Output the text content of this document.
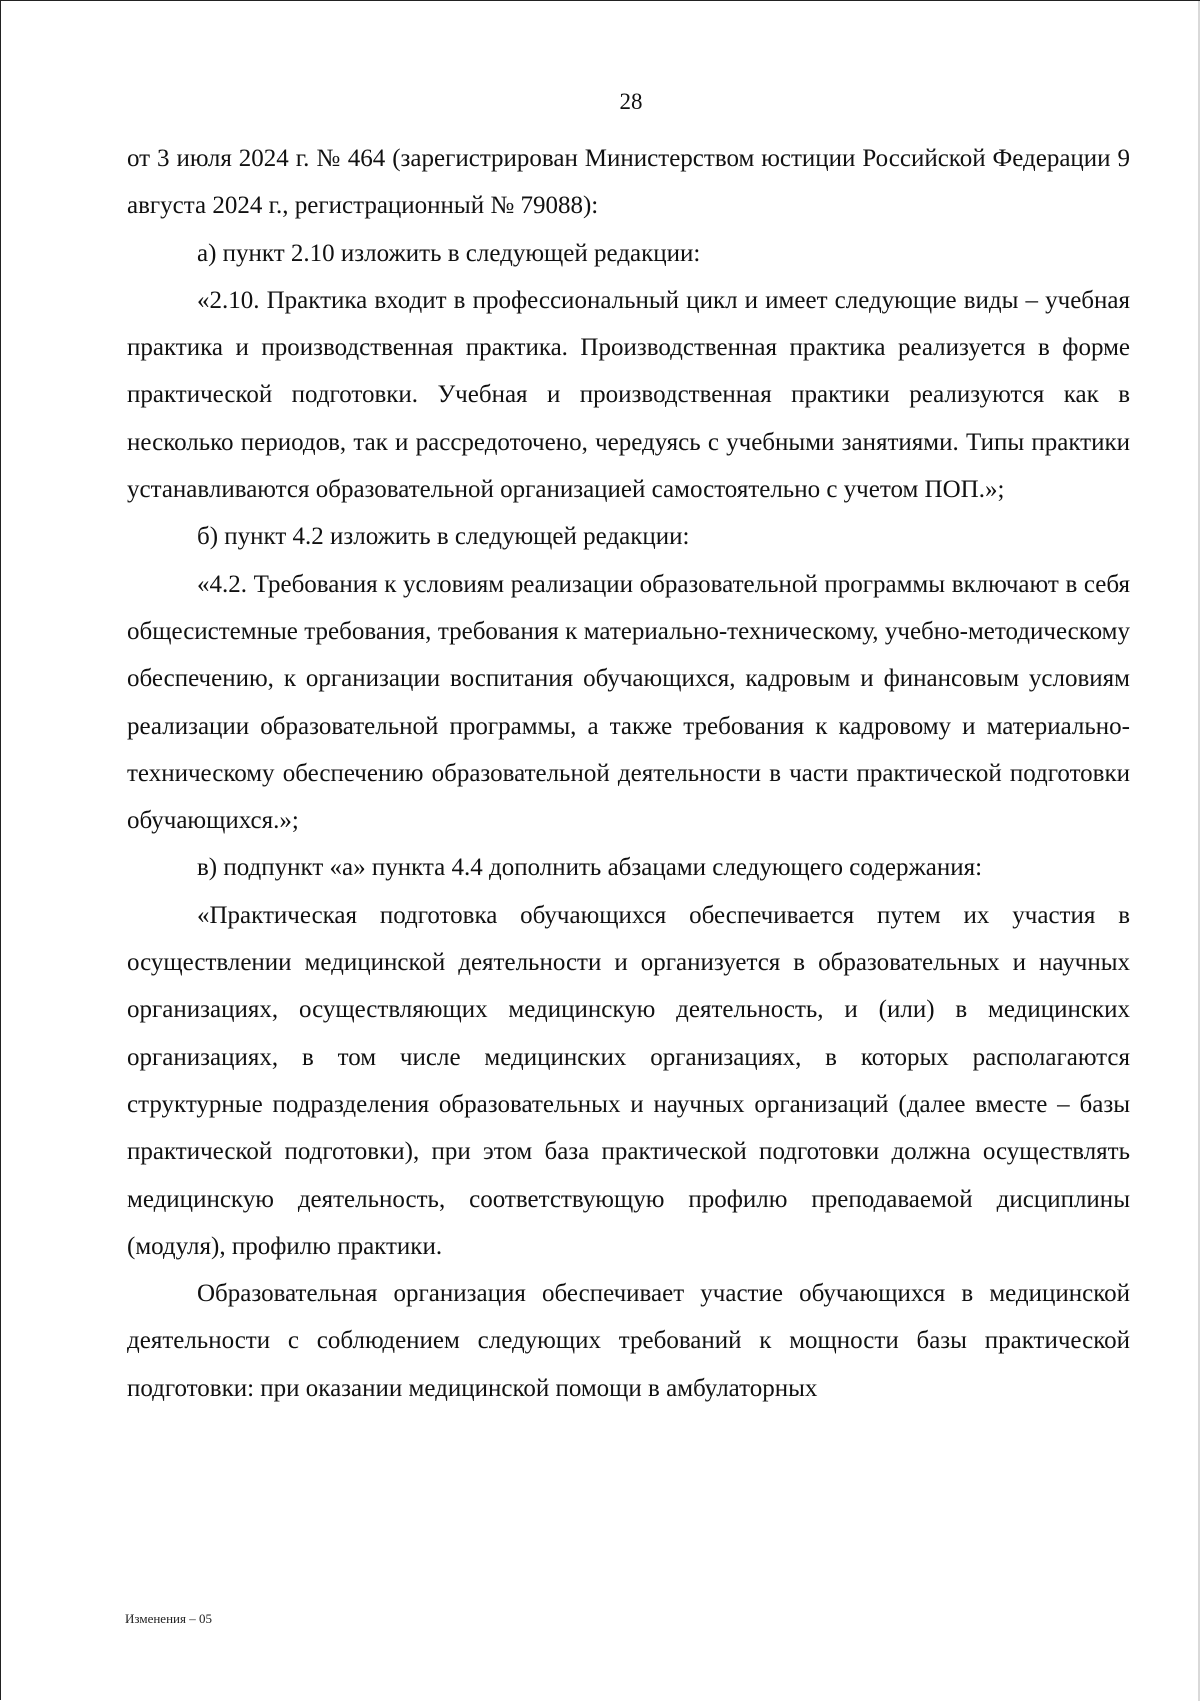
28

от 3 июля 2024 г. № 464 (зарегистрирован Министерством юстиции Российской Федерации 9 августа 2024 г., регистрационный № 79088):

а) пункт 2.10 изложить в следующей редакции:

«2.10. Практика входит в профессиональный цикл и имеет следующие виды – учебная практика и производственная практика. Производственная практика реализуется в форме практической подготовки. Учебная и производственная практики реализуются как в несколько периодов, так и рассредоточено, чередуясь с учебными занятиями. Типы практики устанавливаются образовательной организацией самостоятельно с учетом ПОП.»;

б) пункт 4.2 изложить в следующей редакции:

«4.2. Требования к условиям реализации образовательной программы включают в себя общесистемные требования, требования к материально-техническому, учебно-методическому обеспечению, к организации воспитания обучающихся, кадровым и финансовым условиям реализации образовательной программы, а также требования к кадровому и материально-техническому обеспечению образовательной деятельности в части практической подготовки обучающихся.»;

в) подпункт «а» пункта 4.4 дополнить абзацами следующего содержания:

«Практическая подготовка обучающихся обеспечивается путем их участия в осуществлении медицинской деятельности и организуется в образовательных и научных организациях, осуществляющих медицинскую деятельность, и (или) в медицинских организациях, в том числе медицинских организациях, в которых располагаются структурные подразделения образовательных и научных организаций (далее вместе – базы практической подготовки), при этом база практической подготовки должна осуществлять медицинскую деятельность, соответствующую профилю преподаваемой дисциплины (модуля), профилю практики.

Образовательная организация обеспечивает участие обучающихся в медицинской деятельности с соблюдением следующих требований к мощности базы практической подготовки: при оказании медицинской помощи в амбулаторных

Изменения – 05
